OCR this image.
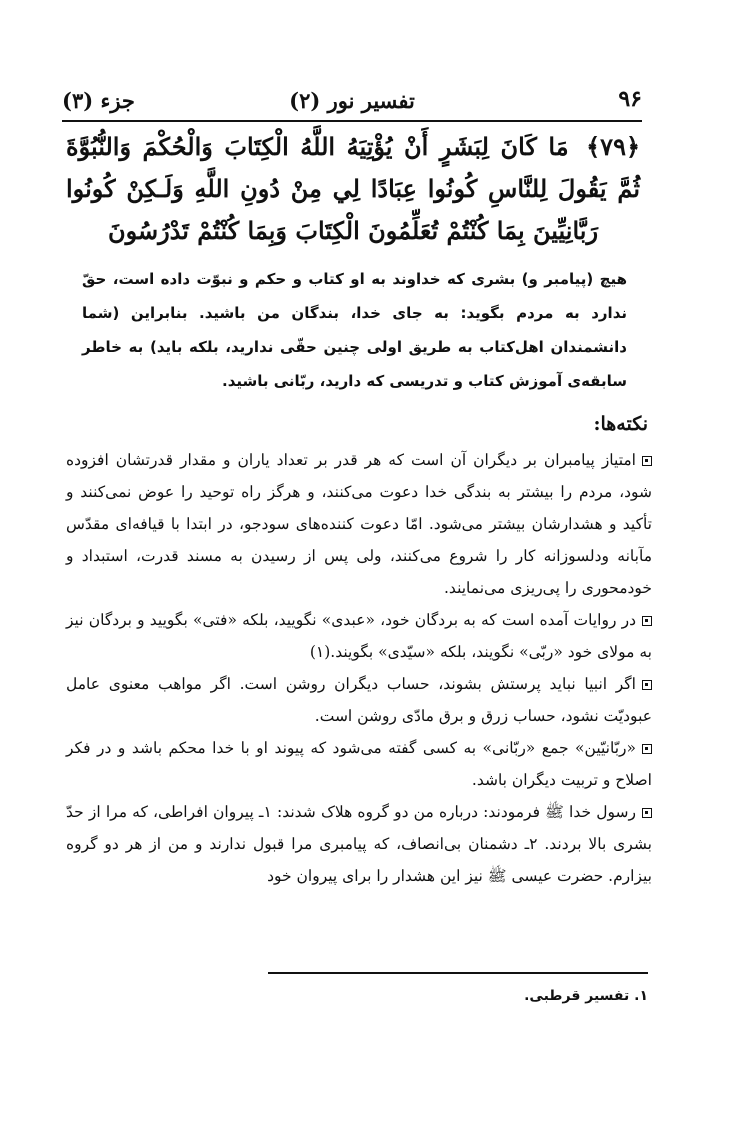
۹۶
تفسیر نور (۲)
جزء (۳)
﴿۷۹﴾ مَا كَانَ لِبَشَرٍ أَنْ يُؤْتِيَهُ اللَّهُ الْكِتَابَ وَالْحُكْمَ وَالنُّبُوَّةَ ثُمَّ يَقُولَ لِلنَّاسِ كُونُوا عِبَادًا لِي مِنْ دُونِ اللَّهِ وَلَـكِنْ كُونُوا رَبَّانِيِّينَ بِمَا كُنْتُمْ تُعَلِّمُونَ الْكِتَابَ وَبِمَا كُنْتُمْ تَدْرُسُونَ
هیچ (پیامبر و) بشری که خداوند به او کتاب و حکم و نبوّت داده است، حقّ ندارد به مردم بگوید: به جای خدا، بندگان من باشید. بنابراین (شما دانشمندان اهل‌کتاب به طریق اولی چنین حقّی ندارید، بلکه باید) به خاطر سابقه‌ی آموزش کتاب و تدریسی که دارید، ربّانی باشید.
نکته‌ها:

امتیاز پیامبران بر دیگران آن است که هر قدر بر تعداد یاران و مقدار قدرتشان افزوده شود، مردم را بیشتر به بندگی خدا دعوت می‌کنند، و هرگز راه توحید را عوض نمی‌کنند و تأکید و هشدارشان بیشتر می‌شود. امّا دعوت کننده‌های سودجو، در ابتدا با قیافه‌ای مقدّس مآبانه ودلسوزانه کار را شروع می‌کنند، ولی پس از رسیدن به مسند قدرت، استبداد و خودمحوری را پی‌ریزی می‌نمایند.

در روایات آمده است که به بردگان خود، «عبدی» نگویید، بلکه «فتی» بگویید و بردگان نیز به مولای خود «ربّی» نگویند، بلکه «سیّدی» بگویند.(۱)

اگر انبیا نباید پرستش بشوند، حساب دیگران روشن است. اگر مواهب معنوی عامل عبودیّت نشود، حساب زرق و برق مادّی روشن است.

«ربّانیّین» جمع «ربّانی» به کسی گفته می‌شود که پیوند او با خدا محکم باشد و در فکر اصلاح و تربیت دیگران باشد.

رسول خدا ﷺ فرمودند: درباره من دو گروه هلاک شدند: ۱ـ پیروان افراطی، که مرا از حدّ بشری بالا بردند. ۲ـ دشمنان بی‌انصاف، که پیامبری مرا قبول ندارند و من از هر دو گروه بیزارم. حضرت عیسی ﷺ نیز این هشدار را برای پیروان خود

۱. تفسیر قرطبی.
